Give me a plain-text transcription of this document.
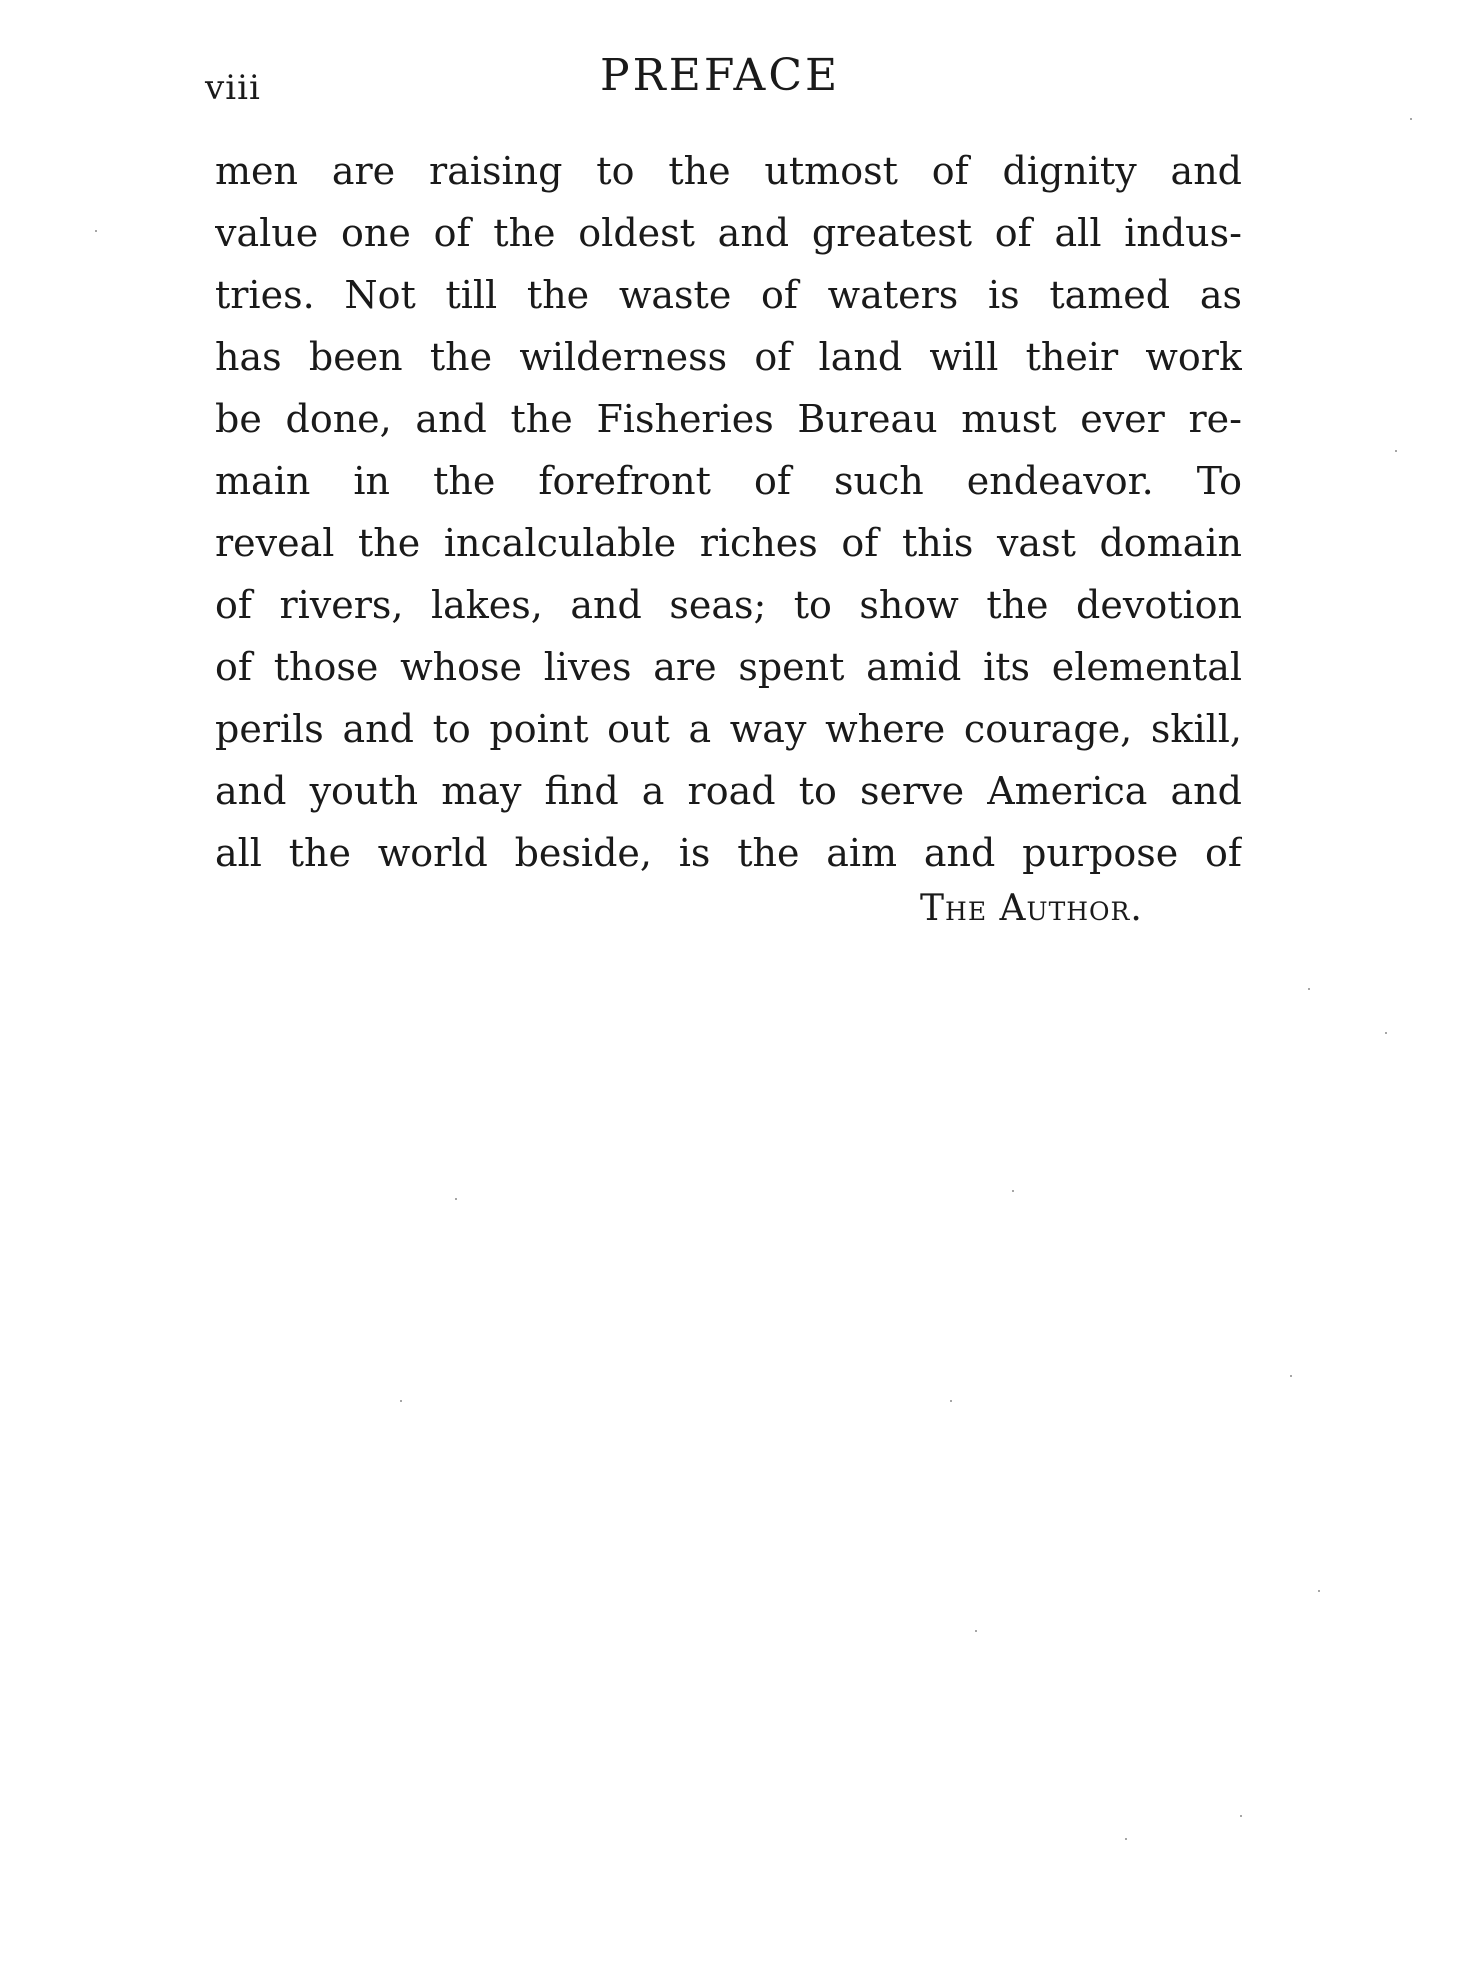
viii	PREFACE
men are raising to the utmost of dignity and
value one of the oldest and greatest of all indus-
tries. Not till the waste of waters is tamed as
has been the wilderness of land will their work
be done, and the Fisheries Bureau must ever re-
main in the forefront of such endeavor. To
reveal the incalculable riches of this vast domain
of rivers, lakes, and seas; to show the devotion
of those whose lives are spent amid its elemental
perils and to point out a way where courage, skill,
and youth may find a road to serve America and
all the world beside, is the aim and purpose of
The Author.
